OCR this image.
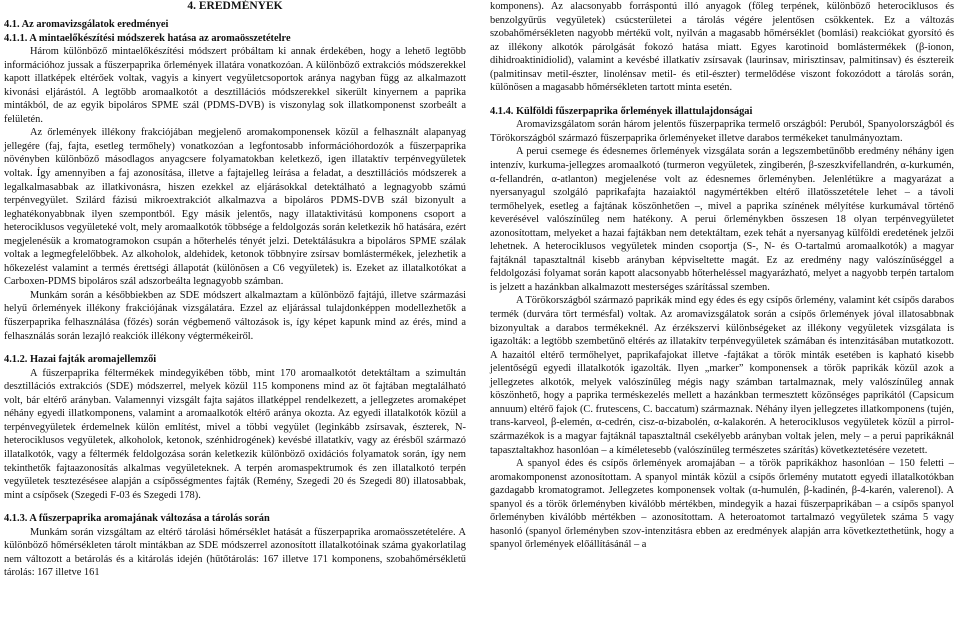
4. EREDMÉNYEK
4.1. Az aromavizsgálatok eredményei
4.1.1. A mintaelőkészítési módszerek hatása az aromaösszetételre

Három különböző mintaelőkészítési módszert próbáltam ki annak érdekében, hogy a lehető legtöbb információhoz jussak a fűszerpaprika őrlemények illatára vonatkozóan. A különböző extrakciós módszerekkel kapott illatképek eltérőek voltak, vagyis a kinyert vegyületcsoportok aránya nagyban függ az alkalmazott kivonási eljárástól. A legtöbb aromaalkotót a desztillációs módszerekkel sikerült kinyernem a paprika mintákból, de az egyik bipoláros SPME szál (PDMS-DVB) is viszonylag sok illatkomponenst szorbeált a felületén.

Az őrlemények illékony frakciójában megjelenő aromakomponensek közül a felhasznált alapanyag jellegére (faj, fajta, esetleg termőhely) vonatkozóan a legfontosabb információhordozók a fűszerpaprika növényben különböző másodlagos anyagcsere folyamatokban keletkező, igen illataktív terpénvegyületek voltak. Így amennyiben a faj azonosítása, illetve a fajtajelleg leírása a feladat, a desztillációs módszerek a legalkalmasabbak az illatkivonásra, hiszen ezekkel az eljárásokkal detektálható a legnagyobb számú terpénvegyület. Szilárd fázisú mikroextrakciót alkalmazva a bipoláros PDMS-DVB szál bizonyult a leghatékonyabbnak ilyen szempontból. Egy másik jelentős, nagy illataktivitású komponens csoport a heterociklusos vegyületeké volt, mely aromaalkotók többsége a feldolgozás során keletkezik hő hatására, ezért megjelenésük a kromatogramokon csupán a hőterhelés tényét jelzi. Detektálásukra a bipoláros SPME szálak voltak a legmegfelelőbbek. Az alkoholok, aldehidek, ketonok többnyire zsírsav bomlástermékek, jelezhetik a hőkezelést valamint a termés érettségi állapotát (különösen a C6 vegyületek) is. Ezeket az illatalkotókat a Carboxen-PDMS bipoláros szál adszorbeálta legnagyobb számban.

Munkám során a későbbiekben az SDE módszert alkalmaztam a különböző fajtájú, illetve származási helyű őrlemények illékony frakciójának vizsgálatára. Ezzel az eljárással tulajdonképpen modellezhetők a fűszerpaprika felhasználása (főzés) során végbemenő változások is, így képet kapunk mind az érés, mind a felhasználás során lezajló reakciók illékony végtermékeiről.

4.1.2. Hazai fajták aromajellemzői

A fűszerpaprika féltermékek mindegyikében több, mint 170 aromaalkotót detektáltam a szimultán desztillációs extrakciós (SDE) módszerrel, melyek közül 115 komponens mind az öt fajtában megtalálható volt, bár eltérő arányban. Valamennyi vizsgált fajta sajátos illatképpel rendelkezett, a jellegzetes aromaképet néhány egyedi illatkomponens, valamint a aromaalkotók eltérő aránya okozta. Az egyedi illatalkotók közül a terpénvegyületek érdemelnek külön említést, mivel a többi vegyület (leginkább zsírsavak, észterek, N-heterociklusos vegyületek, alkoholok, ketonok, szénhidrogének) kevésbé illatatkív, vagy az érésből származó illatalkotók, vagy a féltermék feldolgozása során keletkezik különböző oxidációs folyamatok során, így nem tekinthetők fajtaazonosítás alkalmas vegyületeknek. A terpén aromaspektrumok és zen illatalkotó terpén vegyületek tesztezésésee alapján a csípősségmentes fajták (Remény, Szegedi 20 és Szegedi 80) illatosabbak, mint a csípősek (Szegedi F-03 és Szegedi 178).

4.1.3. A fűszerpaprika aromajának változása a tárolás során

Munkám során vizsgáltam az eltérő tárolási hőmérséklet hatását a fűszerpaprika aromaösszetételére. A különböző hőmérsékleten tárolt mintákban az SDE módszerrel azonosított illatalkotóinak száma gyakorlatilag nem változott a betárolás és a kitárolás idején (hűtőtárolás: 167 illetve 171 komponens, szobahőmérsékletű tárolás: 167 illetve 161

komponens). Az alacsonyabb forráspontú illó anyagok (főleg terpének, különböző heterociklusos és benzolgyűrűs vegyületek) csúcsterületei a tárolás végére jelentősen csökkentek. Ez a változás szobahőmérsékleten nagyobb mértékű volt, nyilván a magasabb hőmérséklet (bomlási) reakciókat gyorsító és az illékony alkotók párolgását fokozó hatása miatt. Egyes karotinoid bomlástermékek (β-ionon, dihidroaktinidiolid), valamint a kevésbé illatkatív zsírsavak (laurinsav, mirisztinsav, palmitinsav) és észtereik (palmitinsav metil-észter, linolénsav metil- és etil-észter) termelődése viszont fokozódott a tárolás során, különösen a magasabb hőmérsékleten tartott minta esetén.

4.1.4. Külföldi fűszerpaprika őrlemények illattulajdonságai

Aromavizsgálatom során három jelentős fűszerpaprika termelő országból: Peruból, Spanyolországból és Törökországból származó fűszerpaprika őrleményeket illetve darabos termékeket tanulmányoztam.

A perui csemege és édesnemes őrlemények vizsgálata során a legszembetűnőbb eredmény néhány igen intenzív, kurkuma-jellegzes aromaalkotó (turmeron vegyületek, zingiberén, β-szeszkvifellandrén, α-kurkumén, α-fellandrén, α-atlanton) megjelenése volt az édesnemes őrleményben. Jelenlétükre a magyarázat a nyersanyagul szolgáló paprikafajta hazaiaktól nagymértékben eltérő illatösszetétele lehet – a távoli termőhelyek, esetleg a fajtának köszönhetően –, mivel a paprika színének mélyítése kurkumával történő keverésével valószínűleg nem hatékony. A perui őrleménykben összesen 18 olyan terpénvegyületet azonosítottam, melyeket a hazai fajtákban nem detektáltam, ezek tehát a nyersanyag külföldi eredetének jelzői lehetnek. A heterociklusos vegyületek minden csoportja (S-, N- és O-tartalmú aromaalkotók) a magyar fajtáknál tapasztaltnál kisebb arányban képviseltette magát. Ez az eredmény nagy valószínűséggel a feldolgozási folyamat során kapott alacsonyabb hőterheléssel magyarázható, melyet a nagyobb terpén tartalom is jelzett a hazánkban alkalmazott mesterséges szárítással szemben.

A Törökországból származó paprikák mind egy édes és egy csípős őrlemény, valamint két csípős darabos termék (durvára tört termésfal) voltak. Az aromavizsgálatok során a csípős őrlemények jóval illatosabbnak bizonyultak a darabos termékeknél. Az érzékszervi különbségeket az illékony vegyületek vizsgálata is igazolták: a legtöbb szembetűnő eltérés az illatakítv terpénvegyületek számában és intenzitásában mutatkozott. A hazaitól eltérő termőhelyet, paprikafajokat illetve -fajtákat a török minták esetében is kapható kisebb jelentőségű egyedi illatalkotók igazolták. Ilyen „marker” komponensek a török paprikák közül azok a jellegzetes alkotók, melyek valószínűleg mégis nagy számban tartalmaznak, mely valószínűleg annak köszönhető, hogy a paprika terméskezelés mellett a hazánkban termesztett közönséges paprikától (Capsicum annuum) eltérő fajok (C. frutescens, C. baccatum) származnak. Néhány ilyen jellegzetes illatkomponens (tujén, trans-karveol, β-elemén, α-cedrén, cisz-α-bizabolén, α-kalakorén. A heterociklusos vegyületek közül a pirrol-származékok is a magyar fajtáknál tapasztaltnál csekélyebb arányban voltak jelen, mely – a perui paprikáknál tapasztaltakhoz hasonlóan – a kíméletesebb (valószínűleg természetes szárítás) következtetésére vezetett.

A spanyol édes és csípős őrlemények aromajában – a török paprikákhoz hasonlóan – 150 feletti – aromakomponenst azonosítottam. A spanyol minták közül a csípős őrlemény mutatott egyedi illatalkotókban gazdagabb kromatogramot. Jellegzetes komponensek voltak (α-humulén, β-kadinén, β-4-karén, valerenol). A spanyol és a török őrleményben kiválóbb mértékben, mindegyik a hazai fűszerpaprikában – a csípős spanyol őrleményben kiválóbb mértékben – azonosítottam. A heteroatomot tartalmazó vegyületek száma 5 vagy hasonló (spanyol őrleményben szov-intenzitásra ebben az eredmények alapján arra következtethetünk, hogy a spanyol őrlemények előállításánál – a
